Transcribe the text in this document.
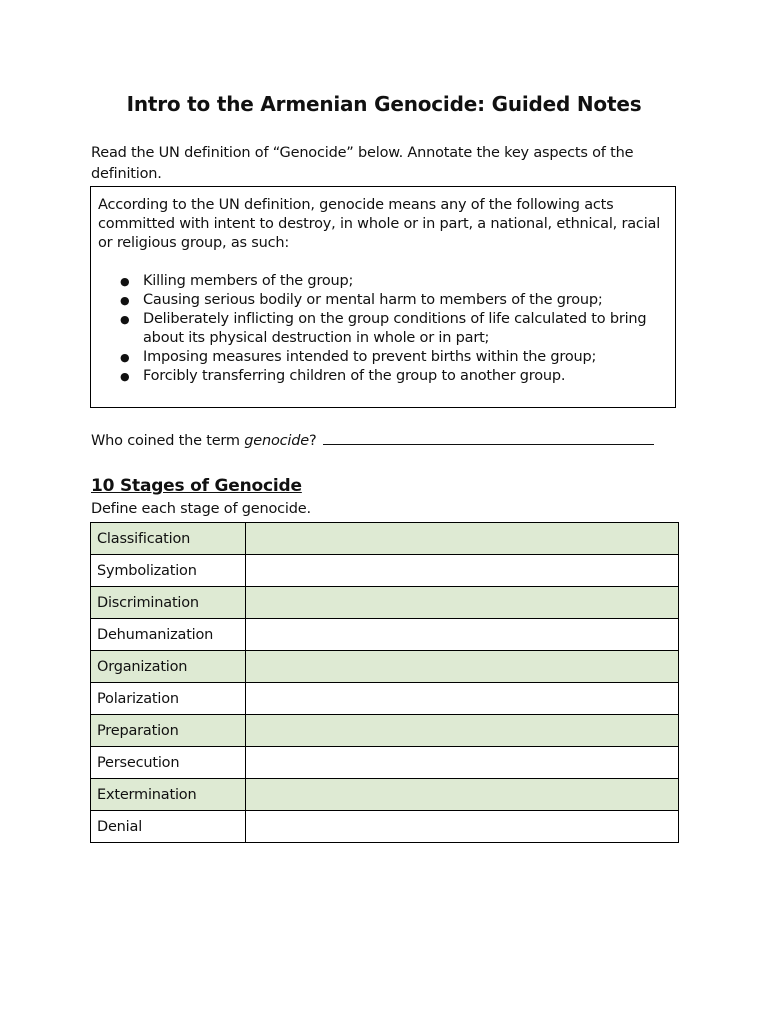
Intro to the Armenian Genocide: Guided Notes

Read the UN definition of “Genocide” below. Annotate the key aspects of the definition.

According to the UN definition, genocide means any of the following acts committed with intent to destroy, in whole or in part, a national, ethnical, racial or religious group, as such:

● Killing members of the group;
● Causing serious bodily or mental harm to members of the group;
● Deliberately inflicting on the group conditions of life calculated to bring about its physical destruction in whole or in part;
● Imposing measures intended to prevent births within the group;
● Forcibly transferring children of the group to another group.

Who coined the term genocide?

10 Stages of Genocide

Define each stage of genocide.

Classification	
Symbolization	
Discrimination	
Dehumanization	
Organization	
Polarization	
Preparation	
Persecution	
Extermination	
Denial	
